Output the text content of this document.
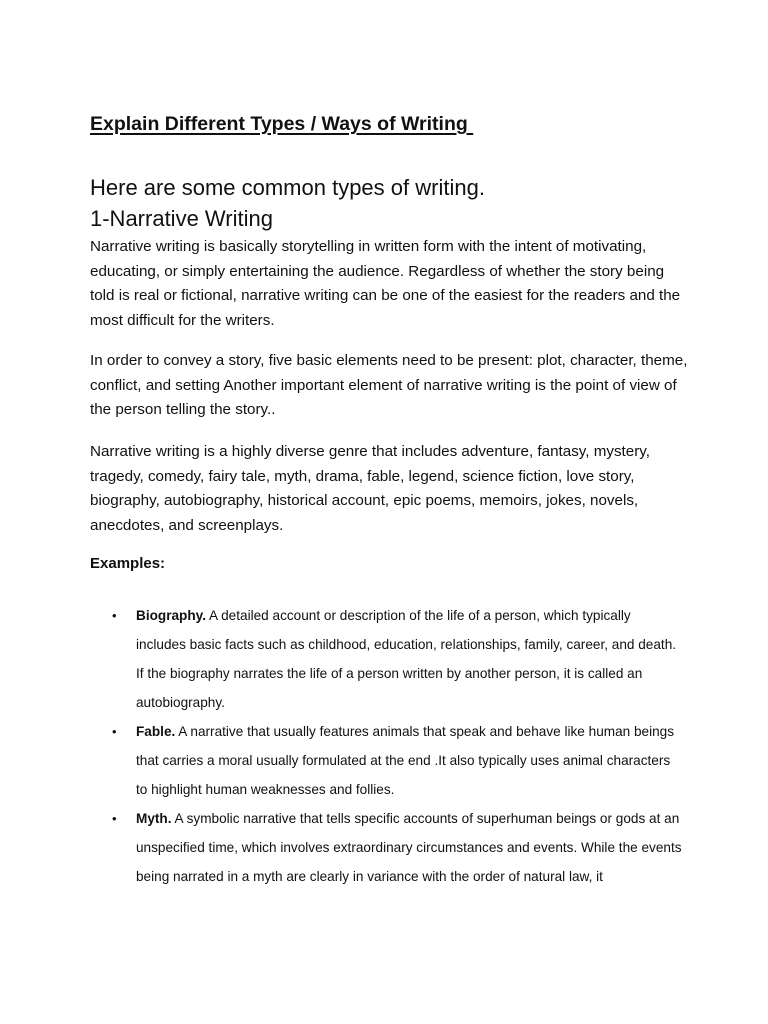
Explain Different Types / Ways of Writing
Here are some common types of writing.
1-Narrative Writing

Narrative writing is basically storytelling in written form with the intent of motivating, educating, or simply entertaining the audience. Regardless of whether the story being told is real or fictional, narrative writing can be one of the easiest for the readers and the most difficult for the writers.

In order to convey a story, five basic elements need to be present: plot, character, theme, conflict, and setting Another important element of narrative writing is the point of view of the person telling the story..

Narrative writing is a highly diverse genre that includes adventure, fantasy, mystery, tragedy, comedy, fairy tale, myth, drama, fable, legend, science fiction, love story, biography, autobiography, historical account, epic poems, memoirs, jokes, novels, anecdotes, and screenplays.

Examples:

• Biography. A detailed account or description of the life of a person, which typically includes basic facts such as childhood, education, relationships, family, career, and death. If the biography narrates the life of a person written by another person, it is called an autobiography.
• Fable. A narrative that usually features animals that speak and behave like human beings that carries a moral usually formulated at the end .It also typically uses animal characters to highlight human weaknesses and follies.
• Myth. A symbolic narrative that tells specific accounts of superhuman beings or gods at an unspecified time, which involves extraordinary circumstances and events. While the events being narrated in a myth are clearly in variance with the order of natural law, it
